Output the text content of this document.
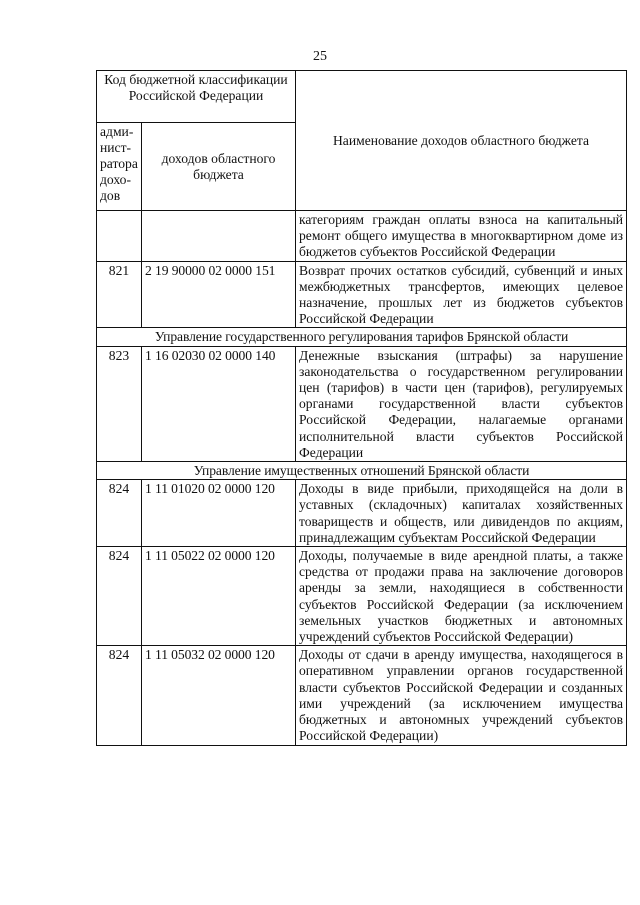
25
Код бюджетной классификации Российской Федерации		Наименование доходов областного бюджета
адми-нист-ратора дохо-дов	доходов областного бюджета	
		категориям граждан оплаты взноса на капитальный ремонт общего имущества в многоквартирном доме из бюджетов субъектов Российской Федерации
821	2 19 90000 02 0000 151	Возврат прочих остатков субсидий, субвенций и иных межбюджетных трансфертов, имеющих целевое назначение, прошлых лет из бюджетов субъектов Российской Федерации
Управление государственного регулирования тарифов Брянской области		
823	1 16 02030 02 0000 140	Денежные взыскания (штрафы) за нарушение законодательства о государственном регулировании цен (тарифов) в части цен (тарифов), регулируемых органами государственной власти субъектов Российской Федерации, налагаемые органами исполнительной власти субъектов Российской Федерации
Управление имущественных отношений Брянской области		
824	1 11 01020 02 0000 120	Доходы в виде прибыли, приходящейся на доли в уставных (складочных) капиталах хозяйственных товариществ и обществ, или дивидендов по акциям, принадлежащим субъектам Российской Федерации
824	1 11 05022 02 0000 120	Доходы, получаемые в виде арендной платы, а также средства от продажи права на заключение договоров аренды за земли, находящиеся в собственности субъектов Российской Федерации (за исключением земельных участков бюджетных и автономных учреждений субъектов Российской Федерации)
824	1 11 05032 02 0000 120	Доходы от сдачи в аренду имущества, находящегося в оперативном управлении органов государственной власти субъектов Российской Федерации и созданных ими учреждений (за исключением имущества бюджетных и автономных учреждений субъектов Российской Федерации)
